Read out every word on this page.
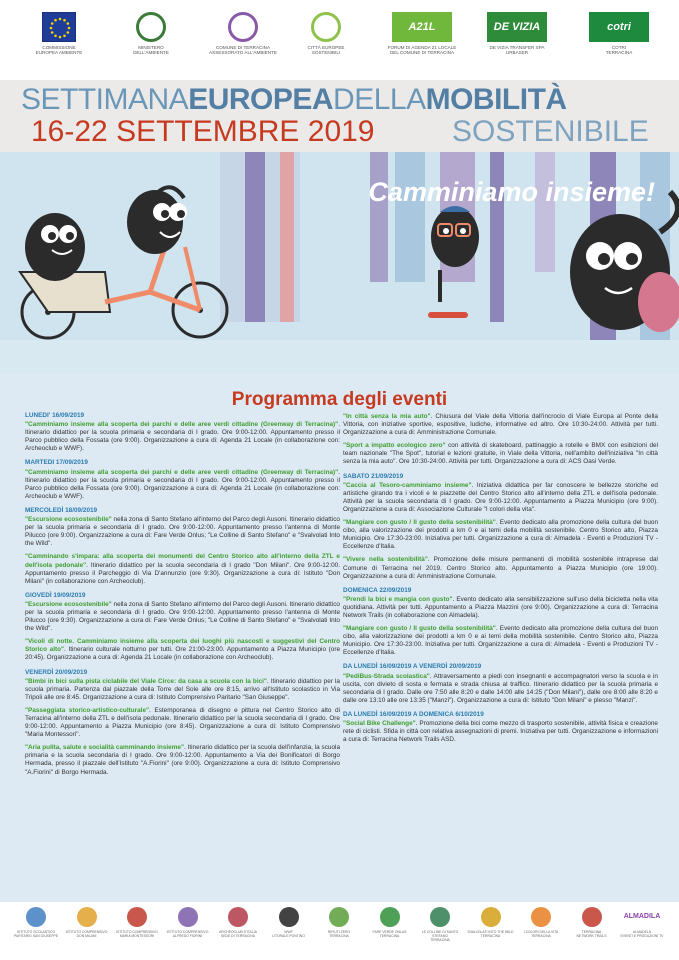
COMMISSIONE
EUROPEA AMBIENTE
MINISTERO
DELL'AMBIENTE
COMUNE DI TERRACINA
ASSESSORATO ALL'AMBIENTE
CITTÀ EUROPEE
SOSTENIBILI
A21L
FORUM DI AGENDA 21 LOCALE
DEL COMUNE DI TERRACINA
DE VIZIA
DE VIZIA TRANSFER SPA
URBASER
cotri
COTRI
TERRACINA
SETTIMANAEUROPEADELLAMOBILITÀ
16-22 SETTEMBRE 2019	SOSTENIBILE
Camminiamo insieme!
Programma degli eventi
LUNEDI' 16/09/2019
"Camminiamo insieme alla scoperta dei parchi e delle aree verdi cittadine (Greenway di Terracina)". Itinerario didattico per la scuola primaria e secondaria di I grado. Ore 9:00-12:00. Appuntamento presso il Parco pubblico della Fossata (ore 9:00). Organizzazione a cura di: Agenda 21 Locale (in collaborazione con: Archeoclub e WWF).
MARTEDI 17/09/2019
"Camminiamo insieme alla scoperta dei parchi e delle aree verdi cittadine (Greenway di Terracina)". Itinerario didattico per la scuola primaria e secondaria di I grado. Ore 9:00-12:00. Appuntamento presso il Parco pubblico della Fossata (ore 9:00). Organizzazione a cura di: Agenda 21 Locale (in collaborazione con: Archeoclub e WWF).
MERCOLEDÌ 18/09/2019
"Escursione ecosostenibile" nella zona di Santo Stefano all'interno del Parco degli Ausoni. Itinerario didattico per la scuola primaria e secondaria di I grado. Ore 9:00-12:00. Appuntamento presso l'antenna di Monte Pilucco (ore 9:00). Organizzazione a cura di: Fare Verde Onlus; "Le Colline di Santo Stefano" e "Svalvolati Into the Wild".
"Camminando s'impara: alla scoperta dei monumenti del Centro Storico alto all'interno della ZTL e dell'isola pedonale". Itinerario didattico per la scuola secondaria di I grado "Don Milani". Ore 9:00-12:00. Appuntamento presso il Parcheggio di Via D'annunzio (ore 9:30). Organizzazione a cura di: Istituto "Don Milani" (in collaborazione con Archeoclub).
GIOVEDÌ 19/09/2019
"Escursione ecosostenibile" nella zona di Santo Stefano all'interno del Parco degli Ausoni. Itinerario didattico per la scuola primaria e secondaria di I grado. Ore 9:00-12:00. Appuntamento presso l'antenna di Monte Pilucco (ore 9:30). Organizzazione a cura di: Fare Verde Onlus; "Le Colline di Santo Stefano" e "Svalvolati Into the Wild".
"Vicoli di notte. Camminiamo insieme alla scoperta dei luoghi più nascosti e suggestivi del Centro Storico alto". Itinerario culturale notturno per tutti. Ore 21:00-23:00. Appuntamento a Piazza Municipio (ore 20:45). Organizzazione a cura di: Agenda 21 Locale (in collaborazione con Archeoclub).
VENERDÌ 20/09/2019
"Bimbi in bici sulla pista ciclabile del Viale Circe: da casa a scuola con la bici". Itinerario didattico per la scuola primaria. Partenza dal piazzale della Torre del Sole alle ore 8:15, arrivo all'Istituto scolastico in Via Tripoli alle ore 8:45. Organizzazione a cura di: Istituto Comprensivo Paritario "San Giuseppe".
"Passeggiata storico-artistico-culturale". Estemporanea di disegno e pittura nel Centro Storico alto di Terracina all'interno della ZTL e dell'isola pedonale. Itinerario didattico per la scuola secondaria di I grado. Ore 9:00-12:00. Appuntamento a Piazza Municipio (ore 8:45). Organizzazione a cura di: Istituto Comprensivo "Maria Montessori".
"Aria pulita, salute e socialità camminando insieme". Itinerario didattico per la scuola dell'infanzia, la scuola primaria e la scuola secondaria di I grado. Ore 9:00-12:00. Appuntamento a Via dei Bonificatori di Borgo Hermada, presso il piazzale dell'Istituto "A.Fiorini" (ore 9:00). Organizzazione a cura di: Istituto Comprensivo "A.Fiorini" di Borgo Hermada.
"In città senza la mia auto". Chiusura del Viale della Vittoria dall'incrocio di Viale Europa al Ponte della Vittoria, con iniziative sportive, espositive, ludiche, informative ed altro. Ore 10:30-24:00. Attività per tutti. Organizzazione a cura di: Amministrazione Comunale.
"Sport a impatto ecologico zero" con attività di skateboard, pattinaggio a rotelle e BMX con esibizioni del team nazionale "The Spot", tutorial e lezioni gratuite, in Viale della Vittoria, nell'ambito dell'iniziativa "In città senza la mia auto". Ore 10:30-24:00. Attività per tutti. Organizzazione a cura di: ACS Oasi Verde.
SABATO 21/09/2019
"Caccia al Tesoro-camminiamo insieme". Iniziativa didattica per far conoscere le bellezze storiche ed artistiche girando tra i vicoli e le piazzette del Centro Storico alto all'interno della ZTL e dell'isola pedonale. Attività per la scuola secondaria di I grado. Ore 9:00-12:00. Appuntamento a Piazza Municipio (ore 9:00). Organizzazione a cura di: Associazione Culturale "I colori della vita".
"Mangiare con gusto / Il gusto della sostenibilità". Evento dedicato alla promozione della cultura del buon cibo, alla valorizzazione dei prodotti a km 0 e ai temi della mobilità sostenibile. Centro Storico alto, Piazza Municipio. Ore 17:30-23:00. Iniziativa per tutti. Organizzazione a cura di: Almadela - Eventi e Produzioni TV - Eccellenze d'Italia.
"Vivere nella sostenibilità". Promozione delle misure permanenti di mobilità sostenibile intraprese dal Comune di Terracina nel 2019. Centro Storico alto. Appuntamento a Piazza Municipio (ore 19:00). Organizzazione a cura di: Amministrazione Comunale.
DOMENICA 22/09/2019
"Prendi la bici e mangia con gusto". Evento dedicato alla sensibilizzazione sull'uso della bicicletta nella vita quotidiana. Attività per tutti. Appuntamento a Piazza Mazzini (ore 9:00). Organizzazione a cura di: Terracina Network Trails (in collaborazione con Almadela).
"Mangiare con gusto / Il gusto della sostenibilità". Evento dedicato alla promozione della cultura del buon cibo, alla valorizzazione dei prodotti a km 0 e ai temi della mobilità sostenibile. Centro Storico alto, Piazza Municipio. Ore 17:30-23:00. Iniziativa per tutti. Organizzazione a cura di: Almadela - Eventi e Produzioni TV - Eccellenze d'Italia.
DA LUNEDÌ 16/09/2019 A VENERDÌ 20/09/2019
"PediBus-Strada scolastica". Attraversamento a piedi con insegnanti e accompagnatori verso la scuola e in uscita, con divieto di sosta e fermata e strada chiusa al traffico. Itinerario didattico per la scuola primaria e secondaria di I grado. Dalle ore 7:50 alle 8:20 e dalle 14:00 alle 14:25 ("Don Milani"), dalle ore 8:00 alle 8:20 e dalle ore 13:10 alle ore 13:35 ("Manzi"). Organizzazione a cura di: Istituto "Don Milani" e plesso "Manzi".
DA LUNEDÌ 16/09/2019 A DOMENICA 6/10/2019
"Social Bike Challenge". Promozione della bici come mezzo di trasporto sostenibile, attività fisica e creazione rete di ciclisti. Sfida in città con relativa assegnazioni di premi. Iniziativa per tutti. Organizzazione e informazioni a cura di: Terracina Network Trails ASD.
ISTITUTO SCOLASTICO
PARITARIO SAN GIUSEPPE
ISTITUTO COMPRENSIVO
DON MILANI
ISTITUTO COMPRENSIVO
MARIA MONTESSORI
ISTITUTO COMPRENSIVO
ALFREDO FIORINI
ARCHEOCLUB D'ITALIA
SEDE DI TERRACINA
WWF
LITORALE PONTINO
RIFIUTI ZERO
TERRACINA
FARE VERDE ONLUS
TERRACINA
LE COLLINE DI SANTO STEFANO
TERRACINA
SVALVOLATI INTO THE WILD
TERRACINA
I COLORI DELLA VITA
TERRACINA
TERRACINA
NETWORK TRAILS
ALMADILA
ALMADELA
EVENTI E PRODUZIONI TV
